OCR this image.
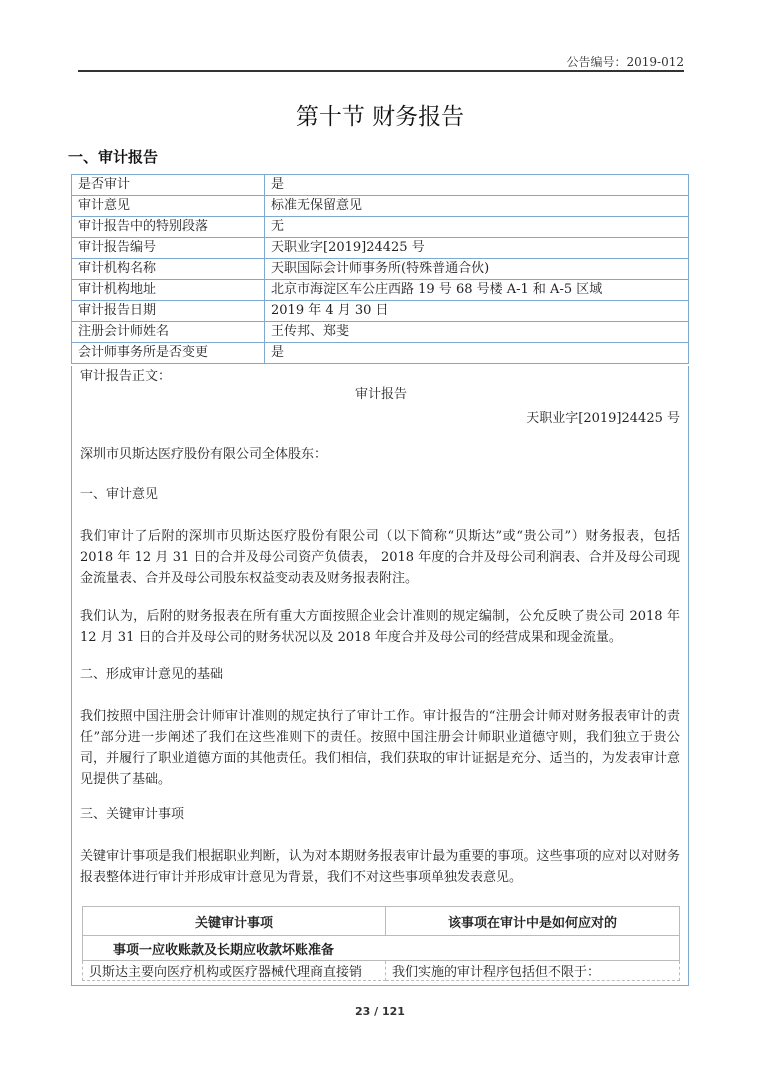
公告编号：2019-012
第十节 财务报告
一、审计报告
是否审计	是
审计意见	标准无保留意见
审计报告中的特别段落	无
审计报告编号	天职业字[2019]24425 号
审计机构名称	天职国际会计师事务所(特殊普通合伙)
审计机构地址	北京市海淀区车公庄西路 19 号 68 号楼 A-1 和 A-5 区域
审计报告日期	2019 年 4 月 30 日
注册会计师姓名	王传邦、郑斐
会计师事务所是否变更	是
审计报告正文：
审计报告
天职业字[2019]24425 号
深圳市贝斯达医疗股份有限公司全体股东：
一、审计意见
我们审计了后附的深圳市贝斯达医疗股份有限公司（以下简称“贝斯达”或“贵公司”）财务报表，包括 2018 年 12 月 31 日的合并及母公司资产负债表， 2018 年度的合并及母公司利润表、合并及母公司现金流量表、合并及母公司股东权益变动表及财务报表附注。
我们认为，后附的财务报表在所有重大方面按照企业会计准则的规定编制，公允反映了贵公司 2018 年 12 月 31 日的合并及母公司的财务状况以及 2018 年度合并及母公司的经营成果和现金流量。
二、形成审计意见的基础
我们按照中国注册会计师审计准则的规定执行了审计工作。审计报告的“注册会计师对财务报表审计的责任”部分进一步阐述了我们在这些准则下的责任。按照中国注册会计师职业道德守则，我们独立于贵公司，并履行了职业道德方面的其他责任。我们相信，我们获取的审计证据是充分、适当的，为发表审计意见提供了基础。
三、关键审计事项
关键审计事项是我们根据职业判断，认为对本期财务报表审计最为重要的事项。这些事项的应对以对财务报表整体进行审计并形成审计意见为背景，我们不对这些事项单独发表意见。
关键审计事项	该事项在审计中是如何应对的
事项一应收账款及长期应收款坏账准备	
贝斯达主要向医疗机构或医疗器械代理商直接销	我们实施的审计程序包括但不限于：
23 / 121
